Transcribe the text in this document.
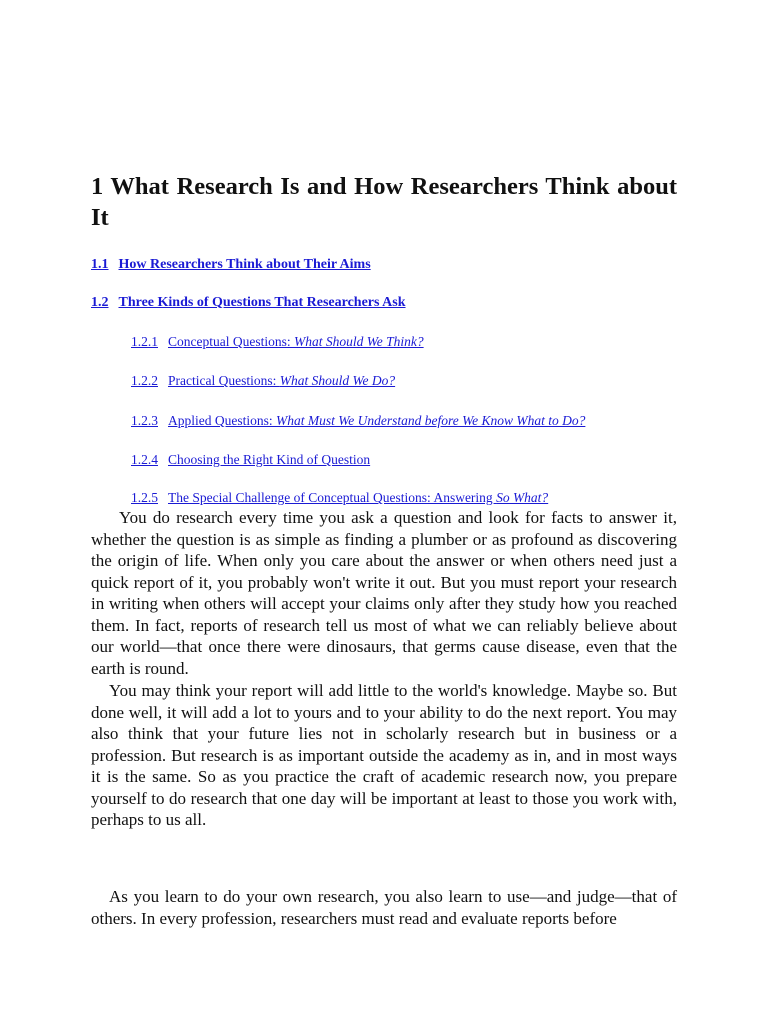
1 What Research Is and How Researchers Think about It
1.1 How Researchers Think about Their Aims
1.2 Three Kinds of Questions That Researchers Ask
1.2.1 Conceptual Questions: What Should We Think?
1.2.2 Practical Questions: What Should We Do?
1.2.3 Applied Questions: What Must We Understand before We Know What to Do?
1.2.4 Choosing the Right Kind of Question
1.2.5 The Special Challenge of Conceptual Questions: Answering So What?

You do research every time you ask a question and look for facts to answer it, whether the question is as simple as finding a plumber or as profound as discovering the origin of life. When only you care about the answer or when others need just a quick report of it, you probably won't write it out. But you must report your research in writing when others will accept your claims only after they study how you reached them. In fact, reports of research tell us most of what we can reliably believe about our world—that once there were dinosaurs, that germs cause disease, even that the earth is round.

You may think your report will add little to the world's knowledge. Maybe so. But done well, it will add a lot to yours and to your ability to do the next report. You may also think that your future lies not in scholarly research but in business or a profession. But research is as important outside the academy as in, and in most ways it is the same. So as you practice the craft of academic research now, you prepare yourself to do research that one day will be important at least to those you work with, perhaps to us all.

As you learn to do your own research, you also learn to use—and judge—that of others. In every profession, researchers must read and evaluate reports before
